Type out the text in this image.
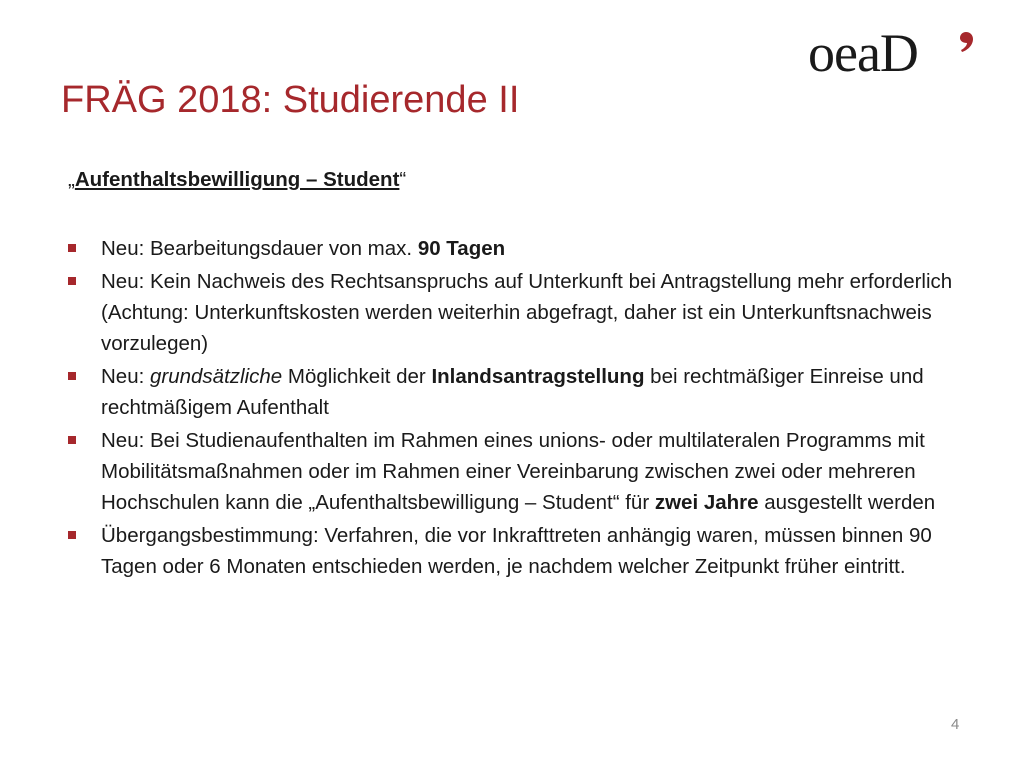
oeaD
FRÄG 2018: Studierende II

„Aufenthaltsbewilligung – Student“

Neu: Bearbeitungsdauer von max. 90 Tagen
Neu: Kein Nachweis des Rechtsanspruchs auf Unterkunft bei Antragstellung mehr erforderlich (Achtung: Unterkunftskosten werden weiterhin abgefragt, daher ist ein Unterkunftsnachweis vorzulegen)
Neu: grundsätzliche Möglichkeit der Inlandsantragstellung bei rechtmäßiger Einreise und rechtmäßigem Aufenthalt
Neu: Bei Studienaufenthalten im Rahmen eines unions- oder multilateralen Programms mit Mobilitätsmaßnahmen oder im Rahmen einer Vereinbarung zwischen zwei oder mehreren Hochschulen kann die „Aufenthaltsbewilligung – Student“ für zwei Jahre ausgestellt werden
Übergangsbestimmung: Verfahren, die vor Inkrafttreten anhängig waren, müssen binnen 90 Tagen oder 6 Monaten entschieden werden, je nachdem welcher Zeitpunkt früher eintritt.
4
